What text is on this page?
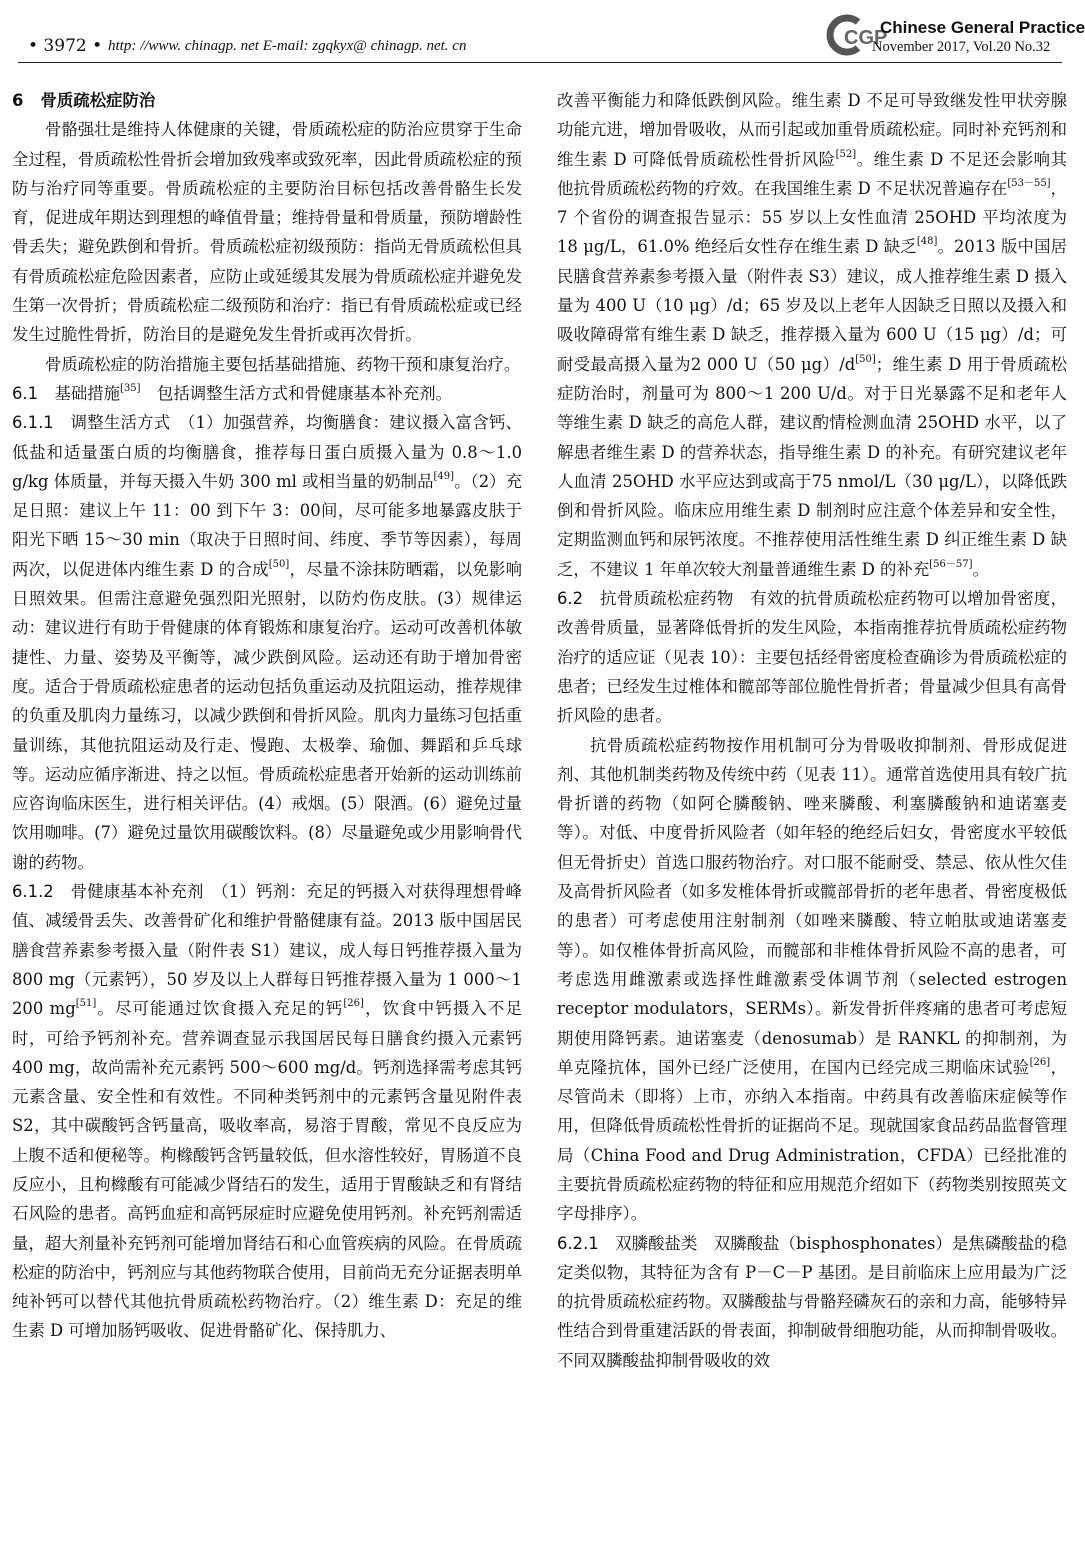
• 3972 • http: //www. chinagp. net E-mail: zgqkyx@ chinagp. net. cn	CGP
Chinese General Practice
November 2017, Vol.20 No.32
6 骨质疏松症防治

骨骼强壮是维持人体健康的关键，骨质疏松症的防治应贯穿于生命全过程，骨质疏松性骨折会增加致残率或致死率，因此骨质疏松症的预防与治疗同等重要。骨质疏松症的主要防治目标包括改善骨骼生长发育，促进成年期达到理想的峰值骨量；维持骨量和骨质量，预防增龄性骨丢失；避免跌倒和骨折。骨质疏松症初级预防：指尚无骨质疏松但具有骨质疏松症危险因素者，应防止或延缓其发展为骨质疏松症并避免发生第一次骨折；骨质疏松症二级预防和治疗：指已有骨质疏松症或已经发生过脆性骨折，防治目的是避免发生骨折或再次骨折。

骨质疏松症的防治措施主要包括基础措施、药物干预和康复治疗。

6.1　基础措施[35]　包括调整生活方式和骨健康基本补充剂。

6.1.1　调整生活方式　（1）加强营养，均衡膳食：建议摄入富含钙、低盐和适量蛋白质的均衡膳食，推荐每日蛋白质摄入量为 0.8～1.0 g/kg 体质量，并每天摄入牛奶 300 ml 或相当量的奶制品[49]。（2）充足日照：建议上午 11：00 到下午 3：00间，尽可能多地暴露皮肤于阳光下晒 15～30 min（取决于日照时间、纬度、季节等因素），每周两次，以促进体内维生素 D 的合成[50]，尽量不涂抹防晒霜，以免影响日照效果。但需注意避免强烈阳光照射，以防灼伤皮肤。(3）规律运动：建议进行有助于骨健康的体育锻炼和康复治疗。运动可改善机体敏捷性、力量、姿势及平衡等，减少跌倒风险。运动还有助于增加骨密度。适合于骨质疏松症患者的运动包括负重运动及抗阻运动，推荐规律的负重及肌肉力量练习，以减少跌倒和骨折风险。肌肉力量练习包括重量训练，其他抗阻运动及行走、慢跑、太极拳、瑜伽、舞蹈和乒乓球等。运动应循序渐进、持之以恒。骨质疏松症患者开始新的运动训练前应咨询临床医生，进行相关评估。(4）戒烟。(5）限酒。(6）避免过量饮用咖啡。(7）避免过量饮用碳酸饮料。(8）尽量避免或少用影响骨代谢的药物。

6.1.2　骨健康基本补充剂　（1）钙剂：充足的钙摄入对获得理想骨峰值、减缓骨丢失、改善骨矿化和维护骨骼健康有益。2013 版中国居民膳食营养素参考摄入量（附件表 S1）建议，成人每日钙推荐摄入量为 800 mg（元素钙），50 岁及以上人群每日钙推荐摄入量为 1 000～1 200 mg[51]。尽可能通过饮食摄入充足的钙[26]，饮食中钙摄入不足时，可给予钙剂补充。营养调查显示我国居民每日膳食约摄入元素钙 400 mg，故尚需补充元素钙 500～600 mg/d。钙剂选择需考虑其钙元素含量、安全性和有效性。不同种类钙剂中的元素钙含量见附件表 S2，其中碳酸钙含钙量高，吸收率高，易溶于胃酸，常见不良反应为上腹不适和便秘等。枸橼酸钙含钙量较低，但水溶性较好，胃肠道不良反应小，且枸橼酸有可能减少肾结石的发生，适用于胃酸缺乏和有肾结石风险的患者。高钙血症和高钙尿症时应避免使用钙剂。补充钙剂需适量，超大剂量补充钙剂可能增加肾结石和心血管疾病的风险。在骨质疏松症的防治中，钙剂应与其他药物联合使用，目前尚无充分证据表明单纯补钙可以替代其他抗骨质疏松药物治疗。（2）维生素 D：充足的维生素 D 可增加肠钙吸收、促进骨骼矿化、保持肌力、

改善平衡能力和降低跌倒风险。维生素 D 不足可导致继发性甲状旁腺功能亢进，增加骨吸收，从而引起或加重骨质疏松症。同时补充钙剂和维生素 D 可降低骨质疏松性骨折风险[52]。维生素 D 不足还会影响其他抗骨质疏松药物的疗效。在我国维生素 D 不足状况普遍存在[53－55]，7 个省份的调查报告显示：55 岁以上女性血清 25OHD 平均浓度为 18 μg/L，61.0% 绝经后女性存在维生素 D 缺乏[48]。2013 版中国居民膳食营养素参考摄入量（附件表 S3）建议，成人推荐维生素 D 摄入量为 400 U（10 μg）/d；65 岁及以上老年人因缺乏日照以及摄入和吸收障碍常有维生素 D 缺乏，推荐摄入量为 600 U（15 μg）/d；可耐受最高摄入量为2 000 U（50 μg）/d[50]；维生素 D 用于骨质疏松症防治时，剂量可为 800～1 200 U/d。对于日光暴露不足和老年人等维生素 D 缺乏的高危人群，建议酌情检测血清 25OHD 水平，以了解患者维生素 D 的营养状态，指导维生素 D 的补充。有研究建议老年人血清 25OHD 水平应达到或高于75 nmol/L（30 μg/L），以降低跌倒和骨折风险。临床应用维生素 D 制剂时应注意个体差异和安全性，定期监测血钙和尿钙浓度。不推荐使用活性维生素 D 纠正维生素 D 缺乏，不建议 1 年单次较大剂量普通维生素 D 的补充[56－57]。

6.2　抗骨质疏松症药物　有效的抗骨质疏松症药物可以增加骨密度，改善骨质量，显著降低骨折的发生风险，本指南推荐抗骨质疏松症药物治疗的适应证（见表 10）：主要包括经骨密度检查确诊为骨质疏松症的患者；已经发生过椎体和髋部等部位脆性骨折者；骨量减少但具有高骨折风险的患者。

抗骨质疏松症药物按作用机制可分为骨吸收抑制剂、骨形成促进剂、其他机制类药物及传统中药（见表 11）。通常首选使用具有较广抗骨折谱的药物（如阿仑膦酸钠、唑来膦酸、利塞膦酸钠和迪诺塞麦等）。对低、中度骨折风险者（如年轻的绝经后妇女，骨密度水平较低但无骨折史）首选口服药物治疗。对口服不能耐受、禁忌、依从性欠佳及高骨折风险者（如多发椎体骨折或髋部骨折的老年患者、骨密度极低的患者）可考虑使用注射制剂（如唑来膦酸、特立帕肽或迪诺塞麦等）。如仅椎体骨折高风险，而髋部和非椎体骨折风险不高的患者，可考虑选用雌激素或选择性雌激素受体调节剂（selected estrogen receptor modulators，SERMs）。新发骨折伴疼痛的患者可考虑短期使用降钙素。迪诺塞麦（denosumab）是 RANKL 的抑制剂，为单克隆抗体，国外已经广泛使用，在国内已经完成三期临床试验[26]，尽管尚未（即将）上市，亦纳入本指南。中药具有改善临床症候等作用，但降低骨质疏松性骨折的证据尚不足。现就国家食品药品监督管理局（China Food and Drug Administration，CFDA）已经批准的主要抗骨质疏松症药物的特征和应用规范介绍如下（药物类别按照英文字母排序）。

6.2.1　双膦酸盐类　双膦酸盐（bisphosphonates）是焦磷酸盐的稳定类似物，其特征为含有 P－C－P 基团。是目前临床上应用最为广泛的抗骨质疏松症药物。双膦酸盐与骨骼羟磷灰石的亲和力高，能够特异性结合到骨重建活跃的骨表面，抑制破骨细胞功能，从而抑制骨吸收。不同双膦酸盐抑制骨吸收的效
